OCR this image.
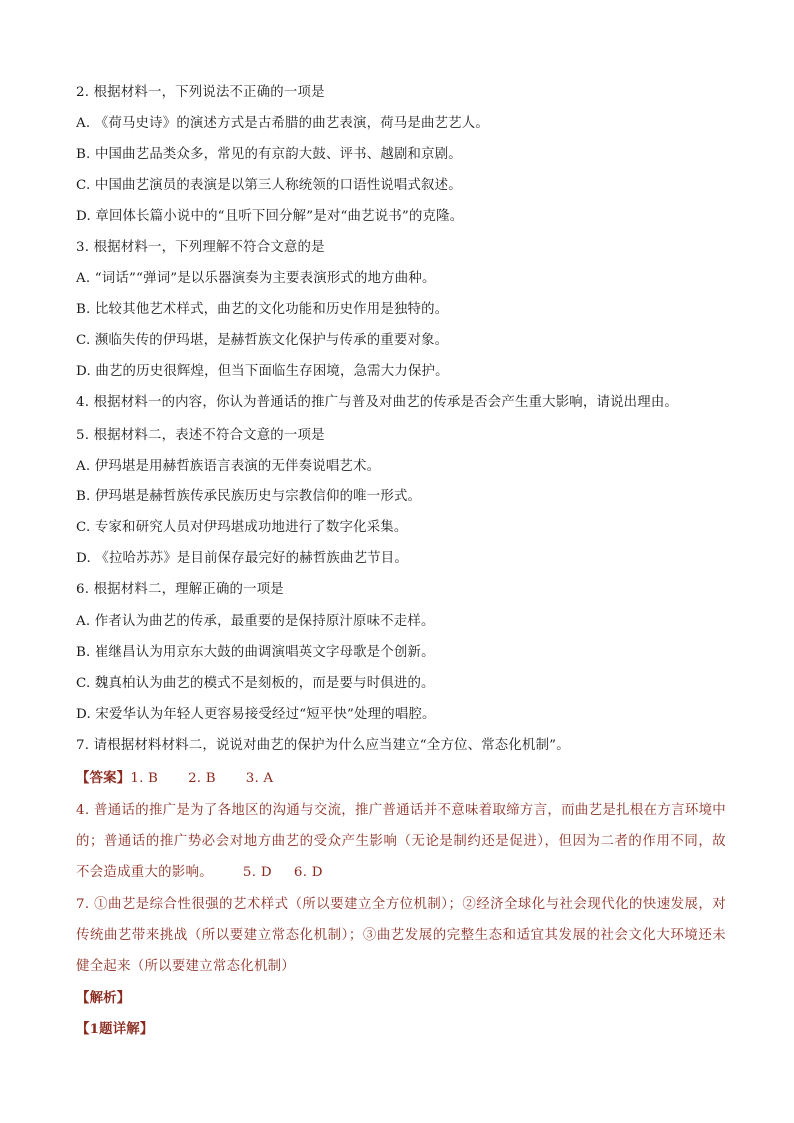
2. 根据材料一，下列说法不正确的一项是
A. 《荷马史诗》的演述方式是古希腊的曲艺表演，荷马是曲艺艺人。
B. 中国曲艺品类众多，常见的有京韵大鼓、评书、越剧和京剧。
C. 中国曲艺演员的表演是以第三人称统领的口语性说唱式叙述。
D. 章回体长篇小说中的“且听下回分解”是对“曲艺说书”的克隆。
3. 根据材料一，下列理解不符合文意的是
A. “词话”“弹词”是以乐器演奏为主要表演形式的地方曲种。
B. 比较其他艺术样式，曲艺的文化功能和历史作用是独特的。
C. 濒临失传的伊玛堪，是赫哲族文化保护与传承的重要对象。
D. 曲艺的历史很辉煌，但当下面临生存困境，急需大力保护。
4. 根据材料一的内容，你认为普通话的推广与普及对曲艺的传承是否会产生重大影响，请说出理由。
5. 根据材料二，表述不符合文意的一项是
A. 伊玛堪是用赫哲族语言表演的无伴奏说唱艺术。
B. 伊玛堪是赫哲族传承民族历史与宗教信仰的唯一形式。
C. 专家和研究人员对伊玛堪成功地进行了数字化采集。
D. 《拉哈苏苏》是目前保存最完好的赫哲族曲艺节目。
6. 根据材料二，理解正确的一项是
A. 作者认为曲艺的传承，最重要的是保持原汁原味不走样。
B. 崔继昌认为用京东大鼓的曲调演唱英文字母歌是个创新。
C. 魏真柏认为曲艺的模式不是刻板的，而是要与时俱进的。
D. 宋爱华认为年轻人更容易接受经过“短平快”处理的唱腔。
7. 请根据材料材料二，说说对曲艺的保护为什么应当建立“全方位、常态化机制”。
【答案】1. B 2. B 3. A
4. 普通话的推广是为了各地区的沟通与交流，推广普通话并不意味着取缔方言，而曲艺是扎根在方言环境中的；普通话的推广势必会对地方曲艺的受众产生影响（无论是制约还是促进），但因为二者的作用不同，故不会造成重大的影响。 5. D 6. D
7. ①曲艺是综合性很强的艺术样式（所以要建立全方位机制）；②经济全球化与社会现代化的快速发展，对传统曲艺带来挑战（所以要建立常态化机制）；③曲艺发展的完整生态和适宜其发展的社会文化大环境还未健全起来（所以要建立常态化机制）
【解析】
【1题详解】
